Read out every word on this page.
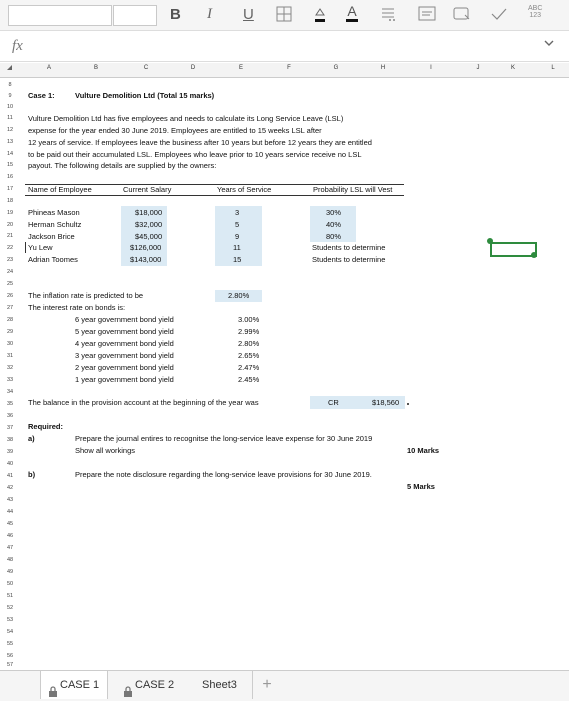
B I U	A	ABC
123
fx
A	B	C	D	E	F	G	H	I	J	K	L
8
9
10
11
12
13
14
15
16
17
18
19
20
21
22
23
24
25
26
27
28
29
30
31
32
33
34
35
36
37
38
39
40
41
42
43
44
45
46
47
48
49
50
51
52
53
54
55
56
57
Case 1:	Vulture Demolition Ltd (Total 15 marks)
Vulture Demolition Ltd has five employees and needs to calculate its Long Service Leave (LSL)
expense for the year ended 30 June 2019. Employees are entitled to 15 weeks LSL after
12 years of service. If employees leave the business after 10 years but before 12 years they are entitled
to be paid out their accumulated LSL. Employees who leave prior to 10 years service receive no LSL
payout. The following details are supplied by the owners:
Name of Employee	Current Salary	Years of Service	Probability LSL will Vest
Phineas Mason	$18,000	3	30%
Herman Schultz	$32,000	5	40%
Jackson Brice	$45,000	9	80%
Yu Lew	$126,000	11	Students to determine
Adrian Toomes	$143,000	15	Students to determine
The inflation rate is predicted to be	2.80%
The interest rate on bonds is:
6 year government bond yield	3.00%
5 year government bond yield	2.99%
4 year government bond yield	2.80%
3 year government bond yield	2.65%
2 year government bond yield	2.47%
1 year government bond yield	2.45%
The balance in the provision account at the beginning of the year was	CR	$18,560
Required:
a)	Prepare the journal entires to recognitse the long-service leave expense for 30 June 2019
Show all workings	10 Marks
b)	Prepare the note disclosure regarding the long-service leave provisions for 30 June 2019.
5 Marks
CASE 1	CASE 2	Sheet3	+
